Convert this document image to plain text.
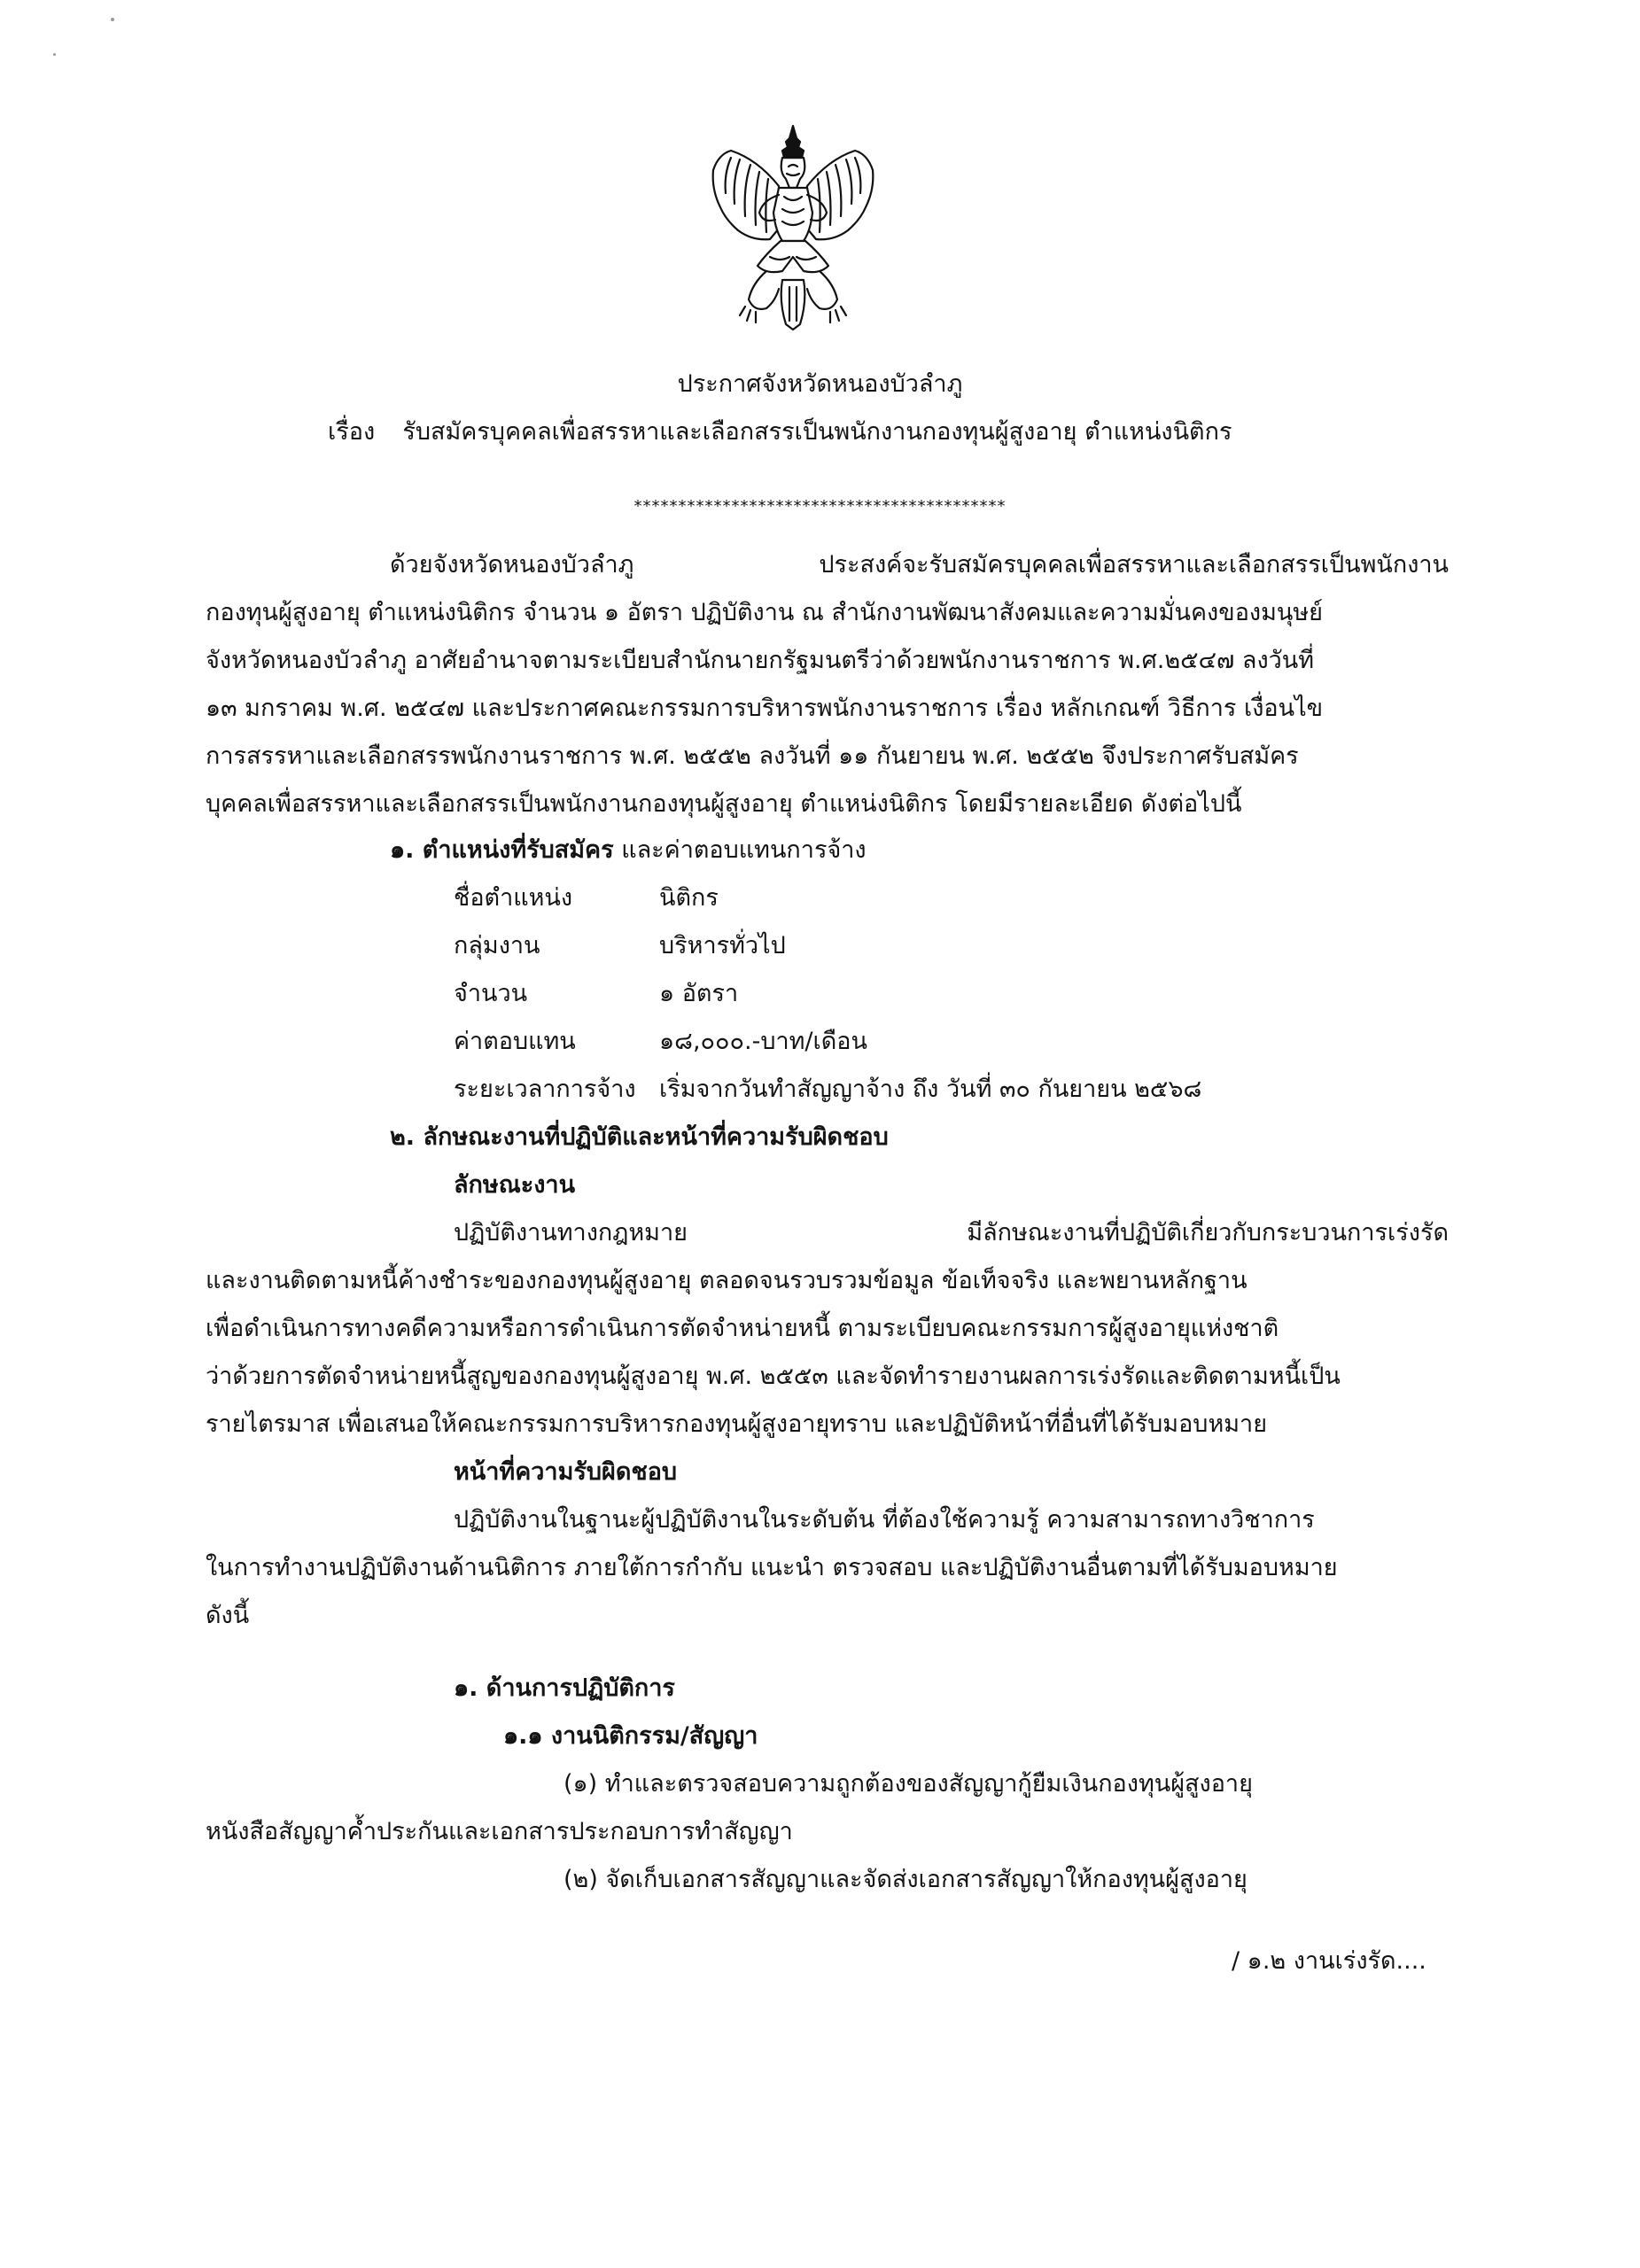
ประกาศจังหวัดหนองบัวลำภู
เรื่อง รับสมัครบุคคลเพื่อสรรหาและเลือกสรรเป็นพนักงานกองทุนผู้สูงอายุ ตำแหน่งนิติกร
******************************************
ด้วยจังหวัดหนองบัวลำภู	ประสงค์จะรับสมัครบุคคลเพื่อสรรหาและเลือกสรรเป็นพนักงาน
กองทุนผู้สูงอายุ ตำแหน่งนิติกร จำนวน ๑ อัตรา ปฏิบัติงาน ณ สำนักงานพัฒนาสังคมและความมั่นคงของมนุษย์
จังหวัดหนองบัวลำภู อาศัยอำนาจตามระเบียบสำนักนายกรัฐมนตรีว่าด้วยพนักงานราชการ พ.ศ.๒๕๔๗ ลงวันที่
๑๓ มกราคม พ.ศ. ๒๕๔๗ และประกาศคณะกรรมการบริหารพนักงานราชการ เรื่อง หลักเกณฑ์ วิธีการ เงื่อนไข
การสรรหาและเลือกสรรพนักงานราชการ พ.ศ. ๒๕๕๒ ลงวันที่ ๑๑ กันยายน พ.ศ. ๒๕๕๒ จึงประกาศรับสมัคร
บุคคลเพื่อสรรหาและเลือกสรรเป็นพนักงานกองทุนผู้สูงอายุ ตำแหน่งนิติกร โดยมีรายละเอียด ดังต่อไปนี้
๑. ตำแหน่งที่รับสมัคร และค่าตอบแทนการจ้าง
ชื่อตำแหน่ง	นิติกร
กลุ่มงาน	บริหารทั่วไป
จำนวน	๑ อัตรา
ค่าตอบแทน	๑๘,๐๐๐.-บาท/เดือน
ระยะเวลาการจ้าง เริ่มจากวันทำสัญญาจ้าง ถึง วันที่ ๓๐ กันยายน ๒๕๖๘
๒. ลักษณะงานที่ปฏิบัติและหน้าที่ความรับผิดชอบ
ลักษณะงาน
ปฏิบัติงานทางกฎหมาย	มีลักษณะงานที่ปฏิบัติเกี่ยวกับกระบวนการเร่งรัด
และงานติดตามหนี้ค้างชำระของกองทุนผู้สูงอายุ ตลอดจนรวบรวมข้อมูล ข้อเท็จจริง และพยานหลักฐาน
เพื่อดำเนินการทางคดีความหรือการดำเนินการตัดจำหน่ายหนี้ ตามระเบียบคณะกรรมการผู้สูงอายุแห่งชาติ
ว่าด้วยการตัดจำหน่ายหนี้สูญของกองทุนผู้สูงอายุ พ.ศ. ๒๕๕๓ และจัดทำรายงานผลการเร่งรัดและติดตามหนี้เป็น
รายไตรมาส เพื่อเสนอให้คณะกรรมการบริหารกองทุนผู้สูงอายุทราบ และปฏิบัติหน้าที่อื่นที่ได้รับมอบหมาย
หน้าที่ความรับผิดชอบ
ปฏิบัติงานในฐานะผู้ปฏิบัติงานในระดับต้น ที่ต้องใช้ความรู้ ความสามารถทางวิชาการ
ในการทำงานปฏิบัติงานด้านนิติการ ภายใต้การกำกับ แนะนำ ตรวจสอบ และปฏิบัติงานอื่นตามที่ได้รับมอบหมาย
ดังนี้
๑. ด้านการปฏิบัติการ
๑.๑ งานนิติกรรม/สัญญา
(๑) ทำและตรวจสอบความถูกต้องของสัญญากู้ยืมเงินกองทุนผู้สูงอายุ
หนังสือสัญญาค้ำประกันและเอกสารประกอบการทำสัญญา
(๒) จัดเก็บเอกสารสัญญาและจัดส่งเอกสารสัญญาให้กองทุนผู้สูงอายุ
/ ๑.๒ งานเร่งรัด....
